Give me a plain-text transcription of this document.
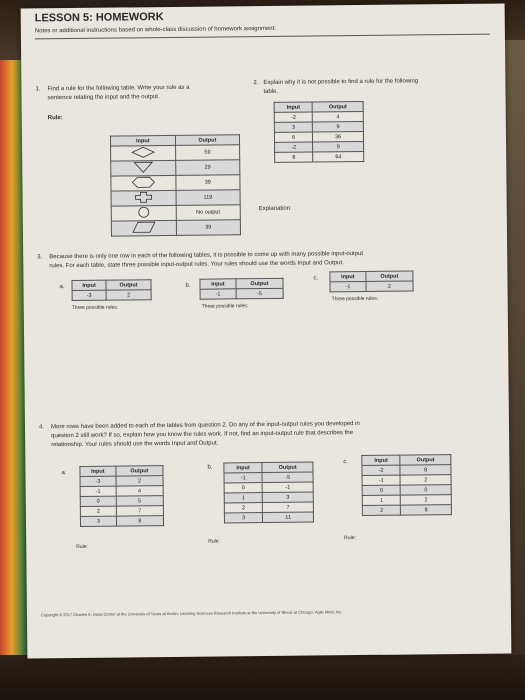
LESSON 5: HOMEWORK
Notes or additional instructions based on whole-class discussion of homework assignment:
1. Find a rule for the following table. Write your rule as a
sentence relating the input and the output.
Rule:
Input	Output
	59
	29
	39
	119
	No output
	39
2. Explain why it is not possible to find a rule for the following
table.
Input	Output
-2	4
3	9
6	36
-2	9
8	64
Explanation:
3. Because there is only one row in each of the following tables, it is possible to come up with many possible input-output
rules. For each table, state three possible input-output rules. Your rules should use the words Input and Output.
a.	Input	Output
-3	2
Three possible rules:
b.	Input	Output
-1	-5
Three possible rules:
c.	Input	Output
-1	2
Three possible rules:
4. More rows have been added to each of the tables from question 2. Do any of the input-output rules you developed in
question 2 still work? If so, explain how you know the rules work. If not, find an input-output rule that describes the
relationship. Your rules should use the words Input and Output.
a.	Input	Output
-3	2
-1	4
0	5
2	7
3	8
Rule:
b.	Input	Output
-1	-5
0	-1
1	3
2	7
3	11
Rule:
c.	Input	Output
-2	8
-1	2
0	0
1	2
2	8
Rule:
Copyright © 2017 Charles A. Dana Center at the University of Texas at Austin, Learning Sciences Research Institute at the University of Illinois at Chicago, Agile Mind, Inc.
